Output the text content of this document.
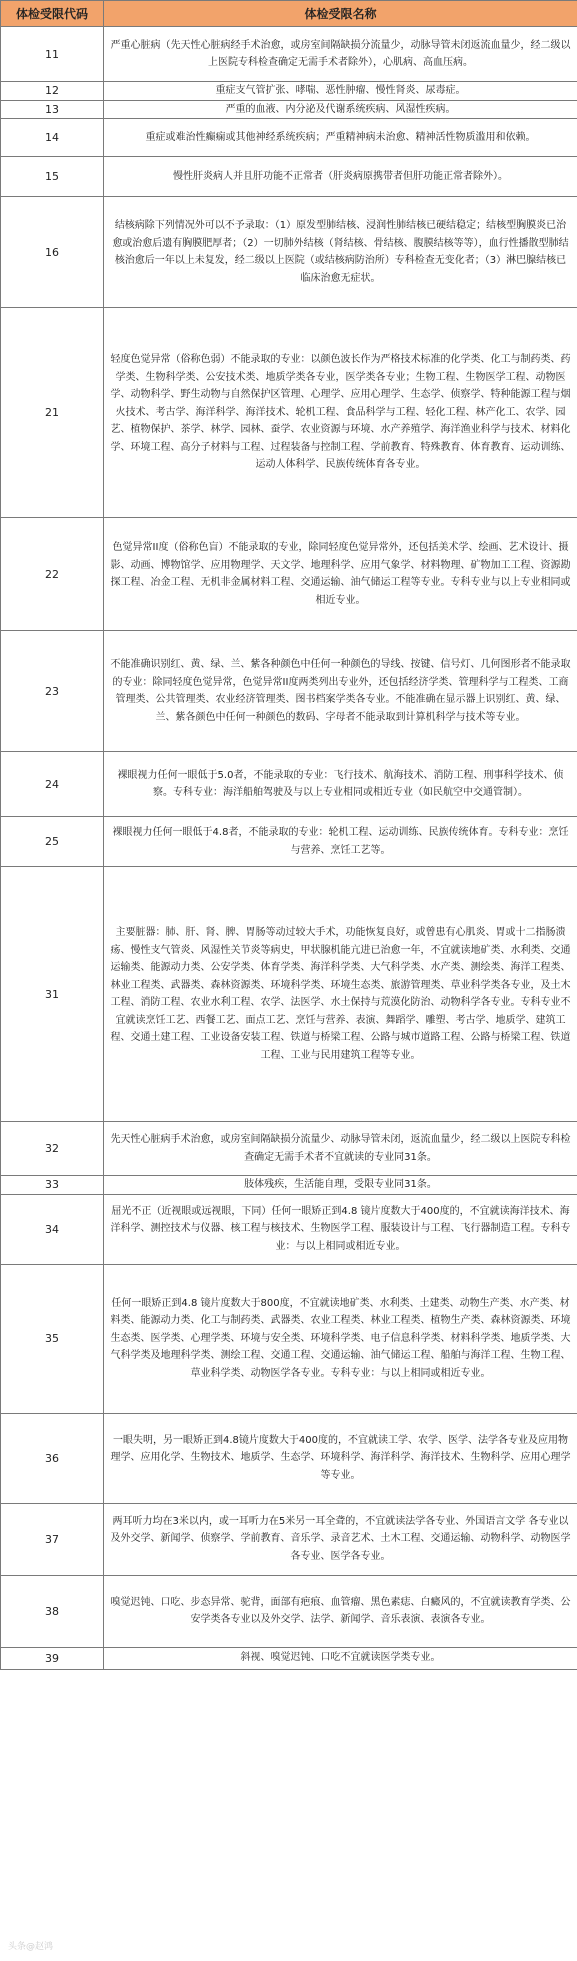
体检受限代码	体检受限名称
11	严重心脏病（先天性心脏病经手术治愈，或房室间隔缺损分流量少，动脉导管未闭返流血量少，经二级以上医院专科检查确定无需手术者除外），心肌病、高血压病。
12	重症支气管扩张、哮喘、恶性肿瘤、慢性肾炎、尿毒症。
13	严重的血液、内分泌及代谢系统疾病、风湿性疾病。
14	重症或难治性癫痫或其他神经系统疾病；严重精神病未治愈、精神活性物质滥用和依赖。
15	慢性肝炎病人并且肝功能不正常者（肝炎病原携带者但肝功能正常者除外）。
16	结核病除下列情况外可以不予录取：（1）原发型肺结核、浸润性肺结核已硬结稳定；结核型胸膜炎已治愈或治愈后遗有胸膜肥厚者；（2）一切肺外结核（肾结核、骨结核、腹膜结核等等），血行性播散型肺结核治愈后一年以上未复发，经二级以上医院（或结核病防治所）专科检查无变化者；（3）淋巴腺结核已临床治愈无症状。
21	轻度色觉异常（俗称色弱）不能录取的专业：以颜色波长作为严格技术标准的化学类、化工与制药类、药学类、生物科学类、公安技术类、地质学类各专业，医学类各专业；生物工程、生物医学工程、动物医学、动物科学、野生动物与自然保护区管理、心理学、应用心理学、生态学、侦察学、特种能源工程与烟火技术、考古学、海洋科学、海洋技术、轮机工程、食品科学与工程、轻化工程、林产化工、农学、园艺、植物保护、茶学、林学、园林、蚕学、农业资源与环境、水产养殖学、海洋渔业科学与技术、材料化学、环境工程、高分子材料与工程、过程装备与控制工程、学前教育、特殊教育、体育教育、运动训练、运动人体科学、民族传统体育各专业。
22	色觉异常II度（俗称色盲）不能录取的专业，除同轻度色觉异常外，还包括美术学、绘画、艺术设计、摄影、动画、博物馆学、应用物理学、天文学、地理科学、应用气象学、材料物理、矿物加工工程、资源勘探工程、冶金工程、无机非金属材料工程、交通运输、油气储运工程等专业。专科专业与以上专业相同或相近专业。
23	不能准确识别红、黄、绿、兰、紫各种颜色中任何一种颜色的导线、按键、信号灯、几何图形者不能录取的专业：除同轻度色觉异常，色觉异常II度两类列出专业外，还包括经济学类、管理科学与工程类、工商管理类、公共管理类、农业经济管理类、图书档案学类各专业。不能准确在显示器上识别红、黄、绿、兰、紫各颜色中任何一种颜色的数码、字母者不能录取到计算机科学与技术等专业。
24	裸眼视力任何一眼低于5.0者，不能录取的专业：飞行技术、航海技术、消防工程、刑事科学技术、侦察。专科专业：海洋船舶驾驶及与以上专业相同或相近专业（如民航空中交通管制）。
25	裸眼视力任何一眼低于4.8者，不能录取的专业：轮机工程、运动训练、民族传统体育。专科专业：烹饪与营养、烹饪工艺等。
31	主要脏器：肺、肝、肾、脾、胃肠等动过较大手术，功能恢复良好，或曾患有心肌炎、胃或十二指肠溃疡、慢性支气管炎、风湿性关节炎等病史，甲状腺机能亢进已治愈一年，不宜就读地矿类、水利类、交通运输类、能源动力类、公安学类、体育学类、海洋科学类、大气科学类、水产类、测绘类、海洋工程类、林业工程类、武器类、森林资源类、环境科学类、环境生态类、旅游管理类、草业科学类各专业，及土木工程、消防工程、农业水利工程、农学、法医学、水土保持与荒漠化防治、动物科学各专业。专科专业不宜就读烹饪工艺、西餐工艺、面点工艺、烹饪与营养、表演、舞蹈学、雕塑、考古学、地质学、建筑工程、交通土建工程、工业设备安装工程、铁道与桥梁工程、公路与城市道路工程、公路与桥梁工程、铁道工程、工业与民用建筑工程等专业。
32	先天性心脏病手术治愈，或房室间隔缺损分流量少、动脉导管未闭，返流血量少，经二级以上医院专科检查确定无需手术者不宜就读的专业同31条。
33	肢体残疾，生活能自理，受限专业同31条。
34	屈光不正（近视眼或远视眼，下同）任何一眼矫正到4.8 镜片度数大于400度的，不宜就读海洋技术、海洋科学、测控技术与仪器、核工程与核技术、生物医学工程、服装设计与工程、飞行器制造工程。专科专业：与以上相同或相近专业。
35	任何一眼矫正到4.8 镜片度数大于800度，不宜就读地矿类、水利类、土建类、动物生产类、水产类、材料类、能源动力类、化工与制药类、武器类、农业工程类、林业工程类、植物生产类、森林资源类、环境生态类、医学类、心理学类、环境与安全类、环境科学类、电子信息科学类、材料科学类、地质学类、大气科学类及地理科学类、测绘工程、交通工程、交通运输、油气储运工程、船舶与海洋工程、生物工程、草业科学类、动物医学各专业。专科专业：与以上相同或相近专业。
36	一眼失明，另一眼矫正到4.8镜片度数大于400度的，不宜就读工学、农学、医学、法学各专业及应用物理学、应用化学、生物技术、地质学、生态学、环境科学、海洋科学、海洋技术、生物科学、应用心理学等专业。
37	两耳听力均在3米以内，或一耳听力在5米另一耳全聋的，不宜就读法学各专业、外国语言文学 各专业以及外交学、新闻学、侦察学、学前教育、音乐学、录音艺术、土木工程、交通运输、动物科学、动物医学各专业、医学各专业。
38	嗅觉迟钝、口吃、步态异常、驼背，面部有疤痕、血管瘤、黑色素痣、白癜风的，不宜就读教育学类、公安学类各专业以及外交学、法学、新闻学、音乐表演、表演各专业。
39	斜视、嗅觉迟钝、口吃不宜就读医学类专业。
头条@赵鸿
